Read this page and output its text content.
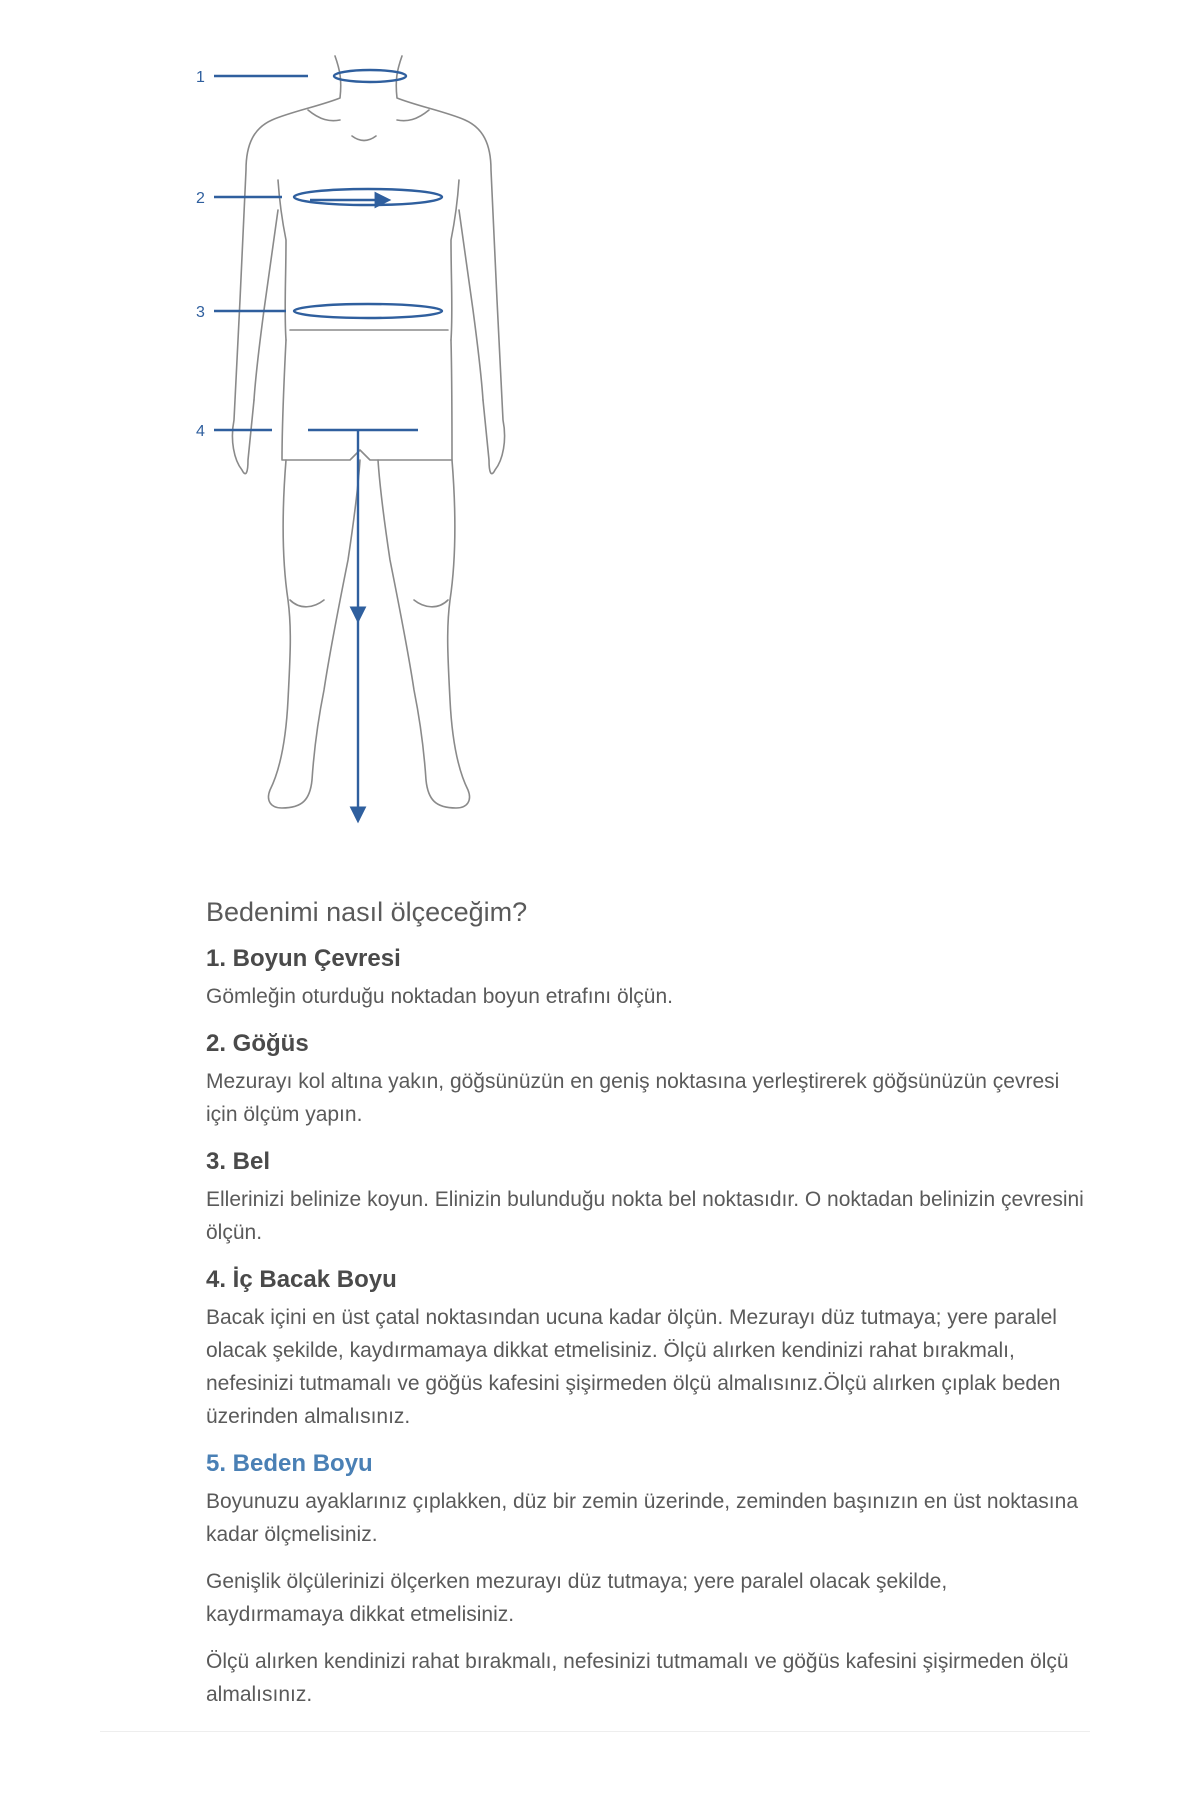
1
2
3
4
Bedenimi nasıl ölçeceğim?
1. Boyun Çevresi

Gömleğin oturduğu noktadan boyun etrafını ölçün.

2. Göğüs

Mezurayı kol altına yakın, göğsünüzün en geniş noktasına yerleştirerek göğsünüzün çevresi için ölçüm yapın.

3. Bel

Ellerinizi belinize koyun. Elinizin bulunduğu nokta bel noktasıdır. O noktadan belinizin çevresini ölçün.

4. İç Bacak Boyu

Bacak içini en üst çatal noktasından ucuna kadar ölçün. Mezurayı düz tutmaya; yere paralel olacak şekilde, kaydırmamaya dikkat etmelisiniz. Ölçü alırken kendinizi rahat bırakmalı, nefesinizi tutmamalı ve göğüs kafesini şişirmeden ölçü almalısınız.Ölçü alırken çıplak beden üzerinden almalısınız.

5. Beden Boyu

Boyunuzu ayaklarınız çıplakken, düz bir zemin üzerinde, zeminden başınızın en üst noktasına kadar ölçmelisiniz.

Genişlik ölçülerinizi ölçerken mezurayı düz tutmaya; yere paralel olacak şekilde, kaydırmamaya dikkat etmelisiniz.

Ölçü alırken kendinizi rahat bırakmalı, nefesinizi tutmamalı ve göğüs kafesini şişirmeden ölçü almalısınız.
